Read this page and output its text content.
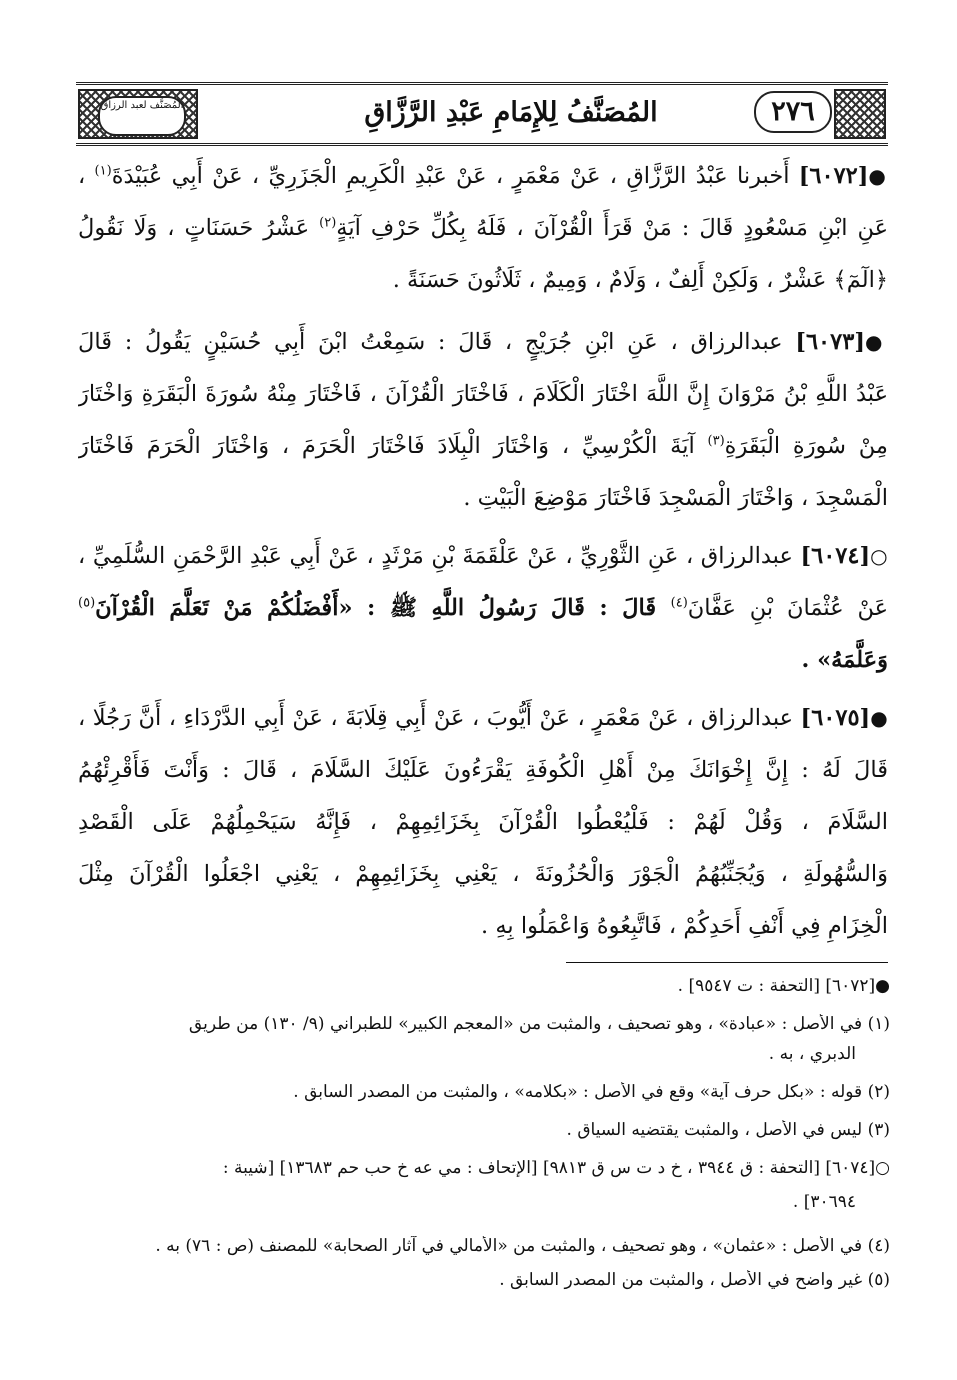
المُصَنَّف لعبد الرزاق	المُصَنَّفُ لِلإِمَامِ عَبْدِ الرَّزَّاقِ	٢٧٦
●[٦٠٧٢] أَخبرنا عَبْدُ الرَّزَّاقِ ، عَنْ مَعْمَرٍ ، عَنْ عَبْدِ الْكَرِيمِ الْجَزَرِيِّ ، عَنْ أَبِي عُبَيْدَةَ$^{(١)}$ ،
عَنِ ابْنِ مَسْعُودٍ قَالَ : مَنْ قَرَأَ الْقُرْآنَ ، فَلَهُ بِكُلِّ حَرْفِ آيَةٍ$^{(٢)}$ عَشْرُ حَسَنَاتٍ ، وَلَا نَقُولُ
﴿الٓمٓ﴾ عَشْرٌ ، وَلَكِنْ أَلِفٌ ، وَلَامٌ ، وَمِيمٌ ، ثَلَاثُونَ حَسَنَةً .
●[٦٠٧٣] عبدالرزاق ، عَنِ ابْنِ جُرَيْجٍ ، قَالَ : سَمِعْتُ ابْنَ أَبِي حُسَيْنٍ يَقُولُ : قَالَ
عَبْدُ اللَّهِ بْنُ مَرْوَانَ إِنَّ اللَّهَ اخْتَارَ الْكَلَامَ ، فَاخْتَارَ الْقُرْآنَ ، فَاخْتَارَ مِنْهُ سُورَةَ الْبَقَرَةِ وَاخْتَارَ
مِنْ سُورَةِ الْبَقَرَةِ$^{(٣)}$ آيَةَ الْكُرْسِيِّ ، وَاخْتَارَ الْبِلَادَ فَاخْتَارَ الْحَرَمَ ، وَاخْتَارَ الْحَرَمَ فَاخْتَارَ
الْمَسْجِدَ ، وَاخْتَارَ الْمَسْجِدَ فَاخْتَارَ مَوْضِعَ الْبَيْتِ .
○[٦٠٧٤] عبدالرزاق ، عَنِ الثَّوْرِيِّ ، عَنْ عَلْقَمَةَ بْنِ مَرْثَدٍ ، عَنْ أَبِي عَبْدِ الرَّحْمَنِ السُّلَمِيِّ ،
عَنْ عُثْمَانَ بْنِ عَفَّانَ$^{(٤)}$ قَالَ : قَالَ رَسُولُ اللَّهِ ﷺ : «أَفْضَلُكُمْ مَنْ تَعَلَّمَ الْقُرْآنَ$^{(٥)}$
وَعَلَّمَهُ» .
●[٦٠٧٥] عبدالرزاق ، عَنْ مَعْمَرٍ ، عَنْ أَيُّوبَ ، عَنْ أَبِي قِلَابَةَ ، عَنْ أَبِي الدَّرْدَاءِ ، أَنَّ رَجُلًا ،
قَالَ لَهُ : إِنَّ إِخْوَانَكَ مِنْ أَهْلِ الْكُوفَةِ يَقْرَءُونَ عَلَيْكَ السَّلَامَ ، قَالَ : وَأَنْتَ فَأَقْرِئْهُمُ
السَّلَامَ ، وَقُلْ لَهُمْ : فَلْيُعْطُوا الْقُرْآنَ بِخَزَائِمِهِمْ ، فَإِنَّهُ سَيَحْمِلُهُمْ عَلَى الْقَصْدِ
وَالسُّهُولَةِ ، وَيُجَنِّبُهُمُ الْجَوْرَ وَالْحُزُونَةَ ، يَعْنِي بِخَزَائِمِهِمْ ، يَعْنِي اجْعَلُوا الْقُرْآنَ مِثْلَ
الْخِزَامِ فِي أَنْفِ أَحَدِكُمْ ، فَاتَّبِعُوهُ وَاعْمَلُوا بِهِ .
●[٦٠٧٢] [التحفة : ت ٩٥٤٧] .
(١) في الأصل : «عبادة» ، وهو تصحيف ، والمثبت من «المعجم الكبير» للطبراني (٩/ ١٣٠) من طريق
الدبري ، به .
(٢) قوله : «بكل حرف آية» وقع في الأصل : «بكلامه» ، والمثبت من المصدر السابق .
(٣) ليس في الأصل ، والمثبت يقتضيه السياق .
○[٦٠٧٤] [التحفة : ق ٣٩٤٤ ، خ د ت س ق ٩٨١٣] [الإتحاف : مي عه خ حب حم ١٣٦٨٣] [شيبة :
٣٠٦٩٤] .
(٤) في الأصل : «عثمان» ، وهو تصحيف ، والمثبت من «الأمالي في آثار الصحابة» للمصنف (ص : ٧٦) به .
(٥) غير واضح في الأصل ، والمثبت من المصدر السابق .
